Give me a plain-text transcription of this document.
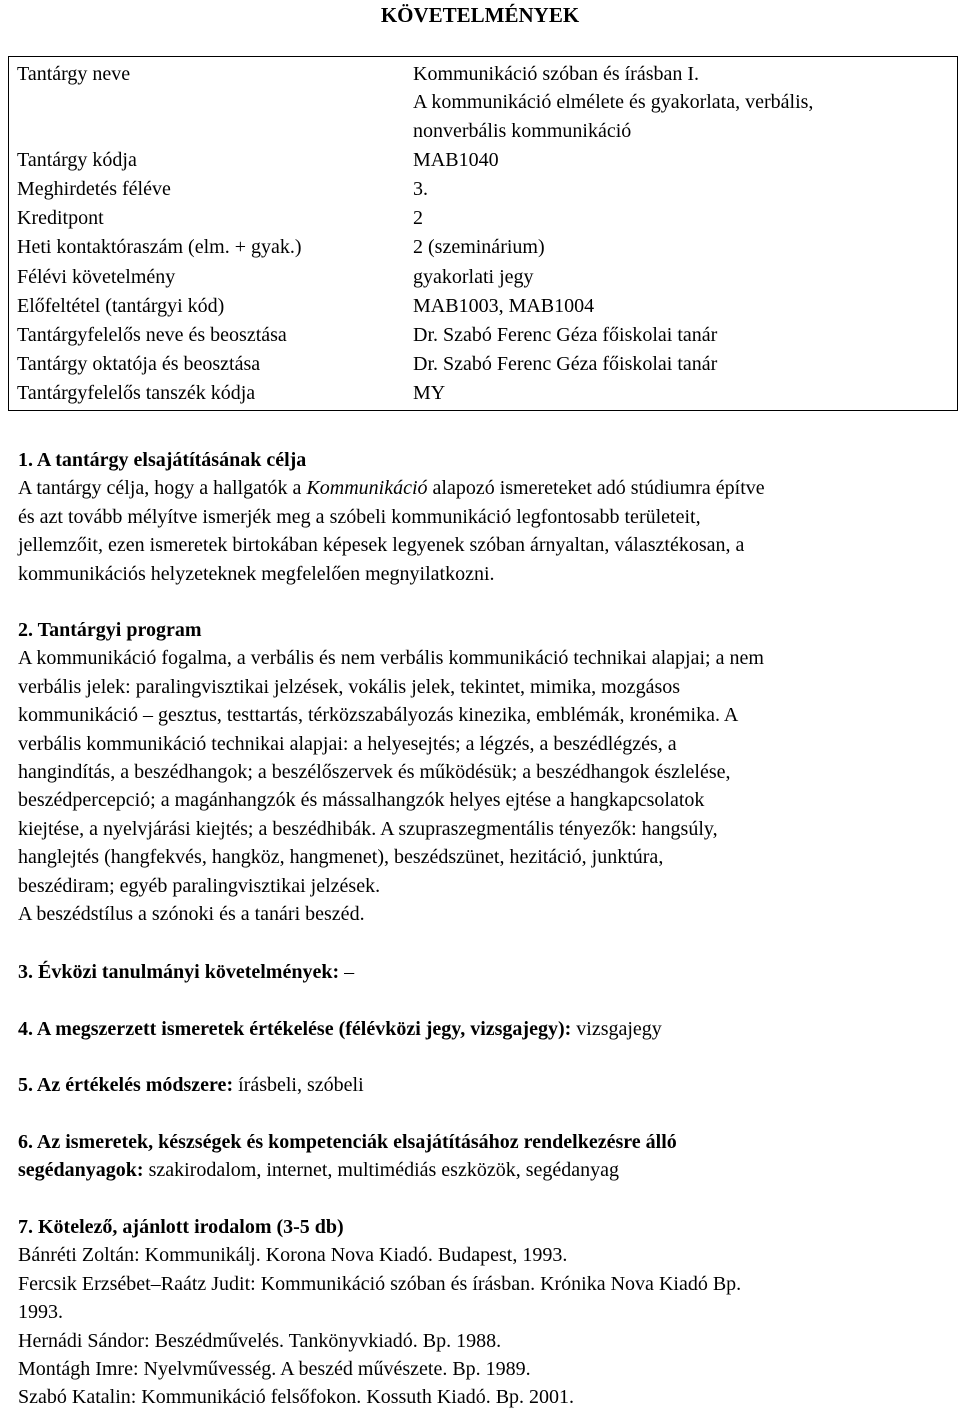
KÖVETELMÉNYEK
Tantárgy neve	Kommunikáció szóban és írásban I.
A kommunikáció elmélete és gyakorlata, verbális,
nonverbális kommunikáció
Tantárgy kódja	MAB1040
Meghirdetés féléve	3.
Kreditpont	2
Heti kontaktóraszám (elm. + gyak.)	2 (szeminárium)
Félévi követelmény	gyakorlati jegy
Előfeltétel (tantárgyi kód)	MAB1003, MAB1004
Tantárgyfelelős neve és beosztása	Dr. Szabó Ferenc Géza főiskolai tanár
Tantárgy oktatója és beosztása	Dr. Szabó Ferenc Géza főiskolai tanár
Tantárgyfelelős tanszék kódja	MY
1. A tantárgy elsajátításának célja
A tantárgy célja, hogy a hallgatók a Kommunikáció alapozó ismereteket adó stúdiumra építve
és azt tovább mélyítve ismerjék meg a szóbeli kommunikáció legfontosabb területeit,
jellemzőit, ezen ismeretek birtokában képesek legyenek szóban árnyaltan, választékosan, a
kommunikációs helyzeteknek megfelelően megnyilatkozni.
2. Tantárgyi program
A kommunikáció fogalma, a verbális és nem verbális kommunikáció technikai alapjai; a nem
verbális jelek: paralingvisztikai jelzések, vokális jelek, tekintet, mimika, mozgásos
kommunikáció – gesztus, testtartás, térközszabályozás kinezika, emblémák, kronémika. A
verbális kommunikáció technikai alapjai: a helyesejtés; a légzés, a beszédlégzés, a
hangindítás, a beszédhangok; a beszélőszervek és működésük; a beszédhangok észlelése,
beszédpercepció; a magánhangzók és mássalhangzók helyes ejtése a hangkapcsolatok
kiejtése, a nyelvjárási kiejtés; a beszédhibák. A szupraszegmentális tényezők: hangsúly,
hanglejtés (hangfekvés, hangköz, hangmenet), beszédszünet, hezitáció, junktúra,
beszédiram; egyéb paralingvisztikai jelzések.
A beszédstílus a szónoki és a tanári beszéd.
3. Évközi tanulmányi követelmények: –
4. A megszerzett ismeretek értékelése (félévközi jegy, vizsgajegy): vizsgajegy
5. Az értékelés módszere: írásbeli, szóbeli
6. Az ismeretek, készségek és kompetenciák elsajátításához rendelkezésre álló
segédanyagok: szakirodalom, internet, multimédiás eszközök, segédanyag
7. Kötelező, ajánlott irodalom (3-5 db)
Bánréti Zoltán: Kommunikálj. Korona Nova Kiadó. Budapest, 1993.
Fercsik Erzsébet–Raátz Judit: Kommunikáció szóban és írásban. Krónika Nova Kiadó Bp.
1993.
Hernádi Sándor: Beszédművelés. Tankönyvkiadó. Bp. 1988.
Montágh Imre: Nyelvművesség. A beszéd művészete. Bp. 1989.
Szabó Katalin: Kommunikáció felsőfokon. Kossuth Kiadó. Bp. 2001.
